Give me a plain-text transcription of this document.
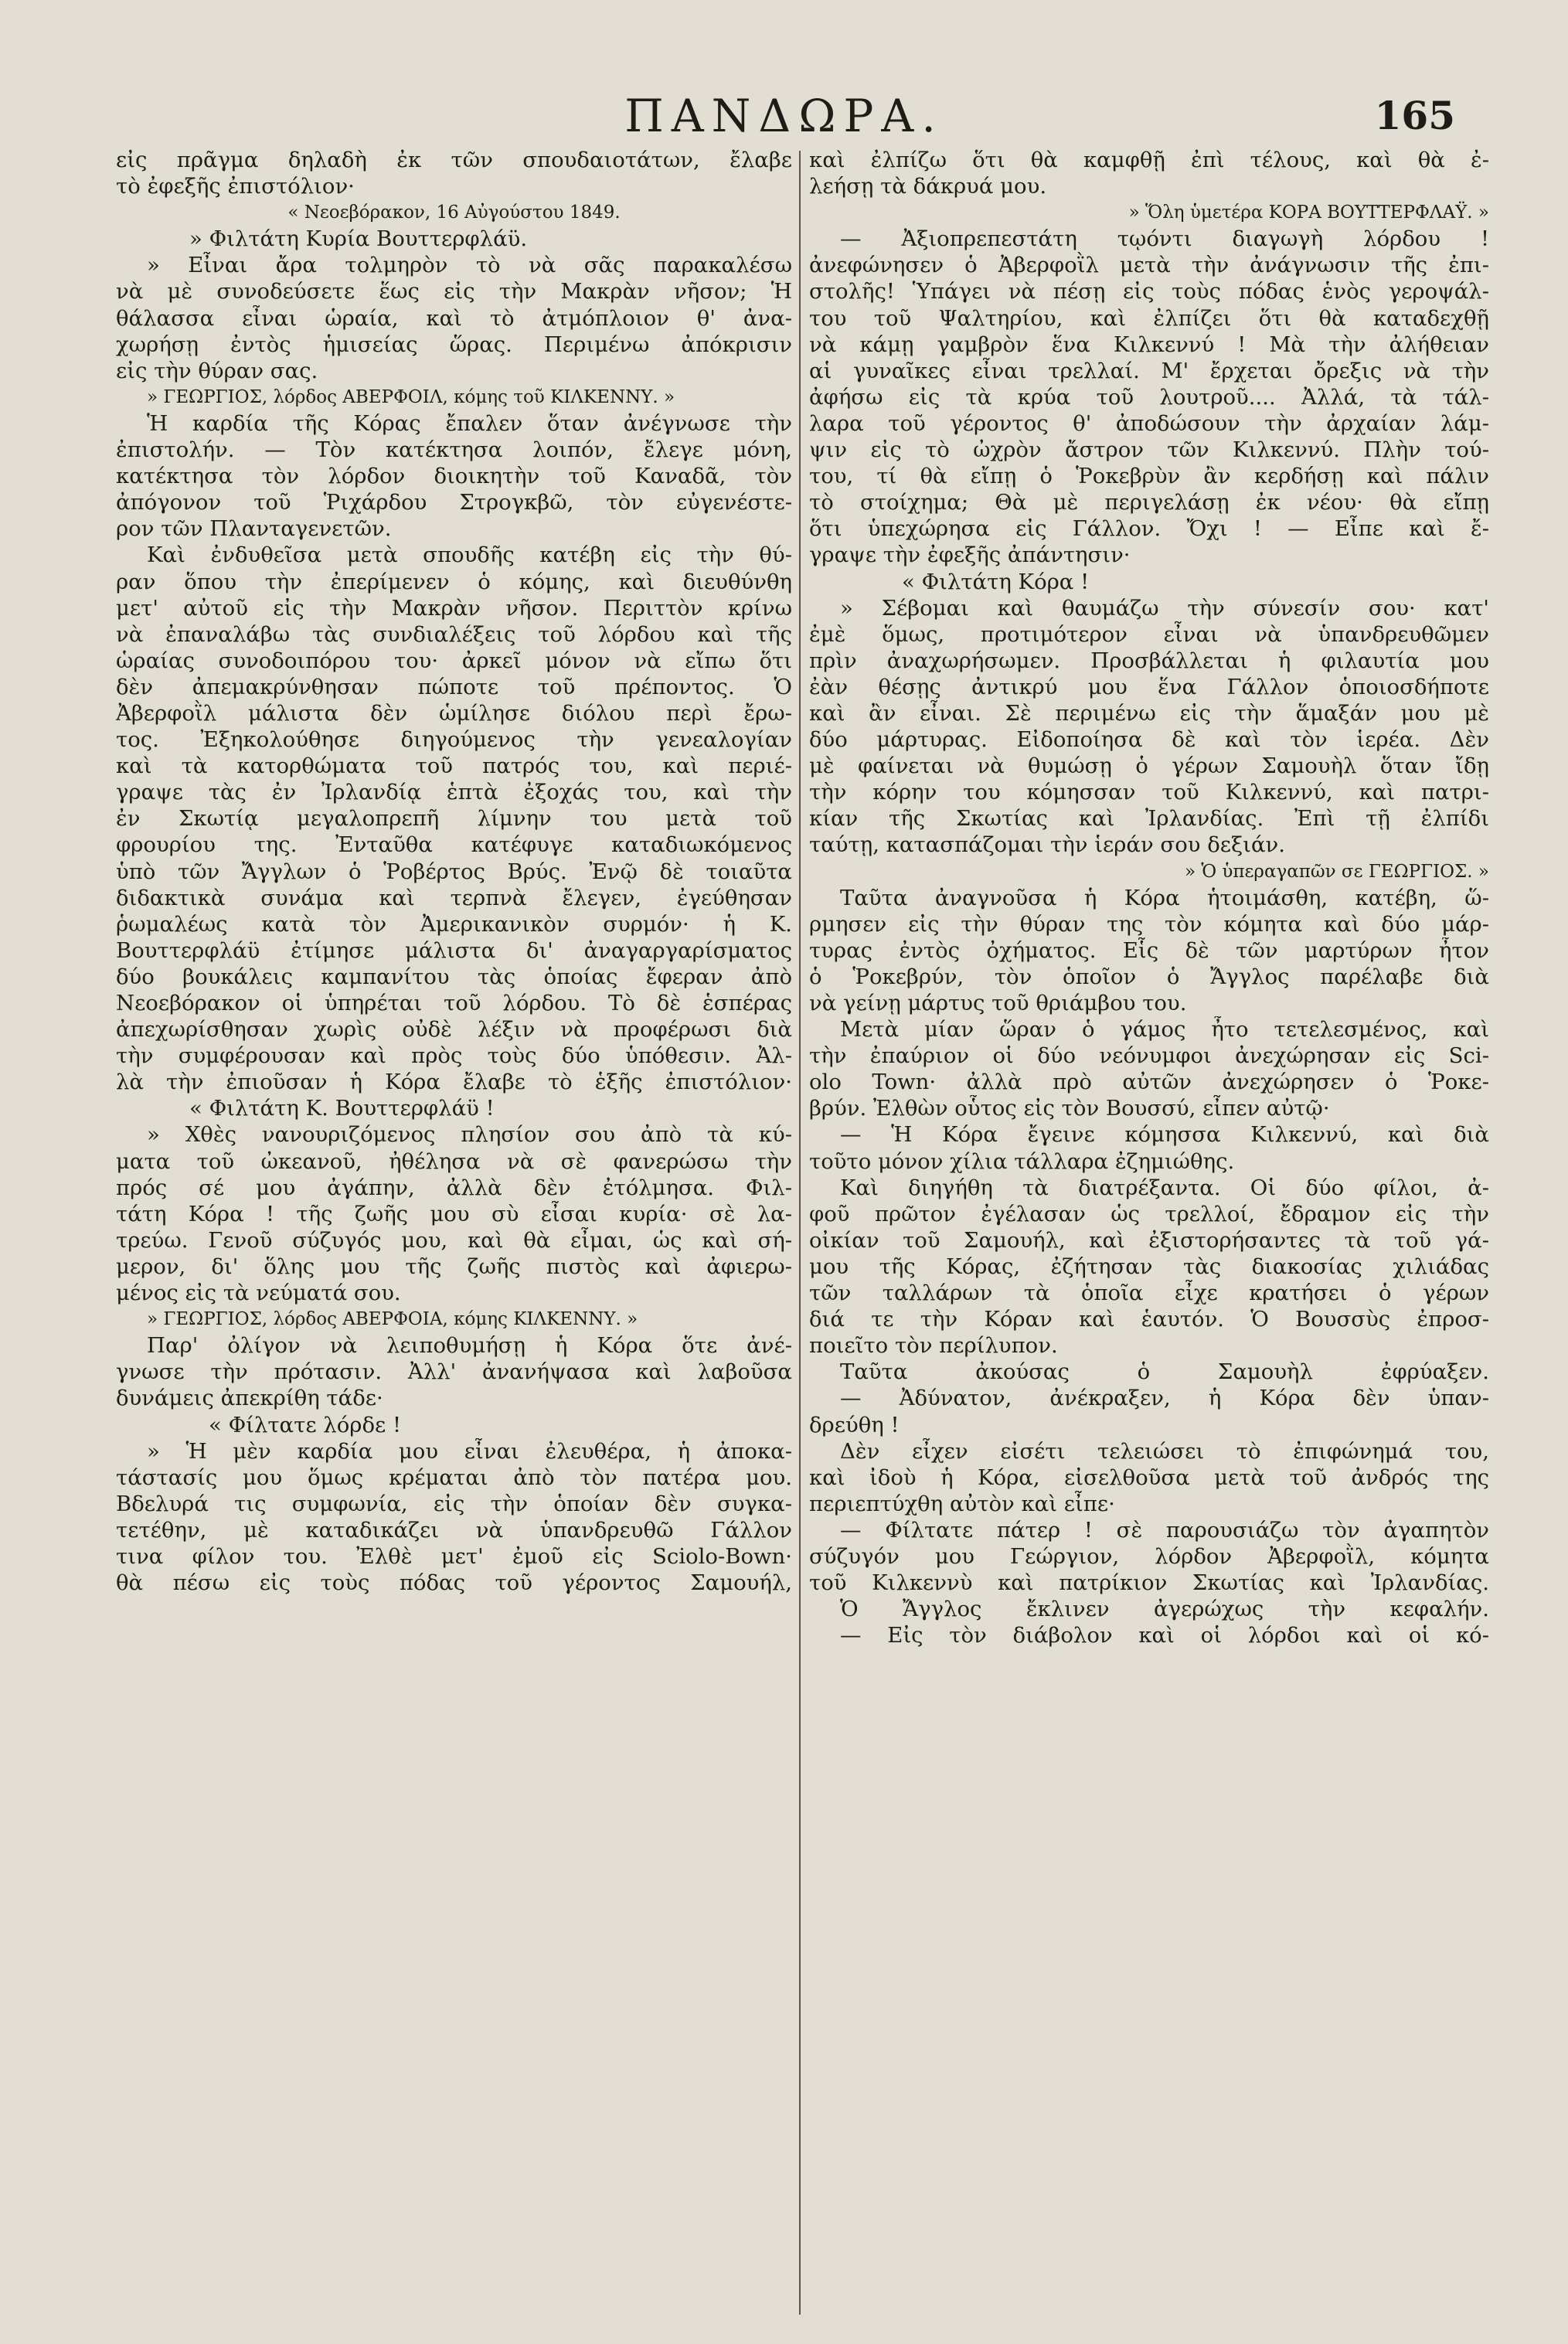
ΠΑΝΔΩΡΑ.	165
εἰς πρᾶγμα δηλαδὴ ἐκ τῶν σπουδαιοτάτων, ἔλαβε
τὸ ἐφεξῆς ἐπιστόλιον·
« Νεοεβόρακον, 16 Αὐγούστου 1849.
» Φιλτάτη Κυρία Βουττερφλάϋ.
» Εἶναι ἄρα τολμηρὸν τὸ νὰ σᾶς παρακαλέσω
νὰ μὲ συνοδεύσετε ἕως εἰς τὴν Μακρὰν νῆσον; Ἡ
θάλασσα εἶναι ὡραία, καὶ τὸ ἀτμόπλοιον θ' ἀνα-
χωρήσῃ ἐντὸς ἡμισείας ὥρας. Περιμένω ἀπόκρισιν
εἰς τὴν θύραν σας.
» ΓΕΩΡΓΙΟΣ, λόρδος ΑΒΕΡΦΟΙΛ, κόμης τοῦ ΚΙΛΚΕΝΝΥ. »
Ἡ καρδία τῆς Κόρας ἔπαλεν ὅταν ἀνέγνωσε τὴν
ἐπιστολήν. — Τὸν κατέκτησα λοιπόν, ἔλεγε μόνη,
κατέκτησα τὸν λόρδον διοικητὴν τοῦ Καναδᾶ, τὸν
ἀπόγονον τοῦ Ῥιχάρδου Στρογκβῶ, τὸν εὐγενέστε-
ρον τῶν Πλανταγενετῶν.
Καὶ ἐνδυθεῖσα μετὰ σπουδῆς κατέβη εἰς τὴν θύ-
ραν ὅπου τὴν ἐπερίμενεν ὁ κόμης, καὶ διευθύνθη
μετ' αὐτοῦ εἰς τὴν Μακρὰν νῆσον. Περιττὸν κρίνω
νὰ ἐπαναλάβω τὰς συνδιαλέξεις τοῦ λόρδου καὶ τῆς
ὡραίας συνοδοιπόρου του· ἀρκεῖ μόνον νὰ εἴπω ὅτι
δὲν ἀπεμακρύνθησαν πώποτε τοῦ πρέποντος. Ὁ
Ἀβερφοῒλ μάλιστα δὲν ὡμίλησε διόλου περὶ ἔρω-
τος. Ἐξηκολούθησε διηγούμενος τὴν γενεαλογίαν
καὶ τὰ κατορθώματα τοῦ πατρός του, καὶ περιέ-
γραψε τὰς ἐν Ἰρλανδίᾳ ἑπτὰ ἐξοχάς του, καὶ τὴν
ἐν Σκωτίᾳ μεγαλοπρεπῆ λίμνην του μετὰ τοῦ
φρουρίου της. Ἐνταῦθα κατέφυγε καταδιωκόμενος
ὑπὸ τῶν Ἄγγλων ὁ Ῥοβέρτος Βρύς. Ἐνῷ δὲ τοιαῦτα
διδακτικὰ συνάμα καὶ τερπνὰ ἔλεγεν, ἐγεύθησαν
ῥωμαλέως κατὰ τὸν Ἀμερικανικὸν συρμόν· ἡ Κ.
Βουττερφλάϋ ἐτίμησε μάλιστα δι' ἀναγαργαρίσματος
δύο βουκάλεις καμπανίτου τὰς ὁποίας ἔφεραν ἀπὸ
Νεοεβόρακον οἱ ὑπηρέται τοῦ λόρδου. Τὸ δὲ ἑσπέρας
ἀπεχωρίσθησαν χωρὶς οὐδὲ λέξιν νὰ προφέρωσι διὰ
τὴν συμφέρουσαν καὶ πρὸς τοὺς δύο ὑπόθεσιν. Ἀλ-
λὰ τὴν ἐπιοῦσαν ἡ Κόρα ἔλαβε τὸ ἑξῆς ἐπιστόλιον·
« Φιλτάτη Κ. Βουττερφλάϋ !
» Χθὲς νανουριζόμενος πλησίον σου ἀπὸ τὰ κύ-
ματα τοῦ ὠκεανοῦ, ἠθέλησα νὰ σὲ φανερώσω τὴν
πρός σέ μου ἀγάπην, ἀλλὰ δὲν ἐτόλμησα. Φιλ-
τάτη Κόρα ! τῆς ζωῆς μου σὺ εἶσαι κυρία· σὲ λα-
τρεύω. Γενοῦ σύζυγός μου, καὶ θὰ εἶμαι, ὡς καὶ σή-
μερον, δι' ὅλης μου τῆς ζωῆς πιστὸς καὶ ἀφιερω-
μένος εἰς τὰ νεύματά σου.
» ΓΕΩΡΓΙΟΣ, λόρδος ΑΒΕΡΦΟΙΑ, κόμης ΚΙΛΚΕΝΝΥ. »
Παρ' ὀλίγον νὰ λειποθυμήσῃ ἡ Κόρα ὅτε ἀνέ-
γνωσε τὴν πρότασιν. Ἀλλ' ἀνανήψασα καὶ λαβοῦσα
δυνάμεις ἀπεκρίθη τάδε·
« Φίλτατε λόρδε !
» Ἡ μὲν καρδία μου εἶναι ἐλευθέρα, ἡ ἀποκα-
τάστασίς μου ὅμως κρέμαται ἀπὸ τὸν πατέρα μου.
Βδελυρά τις συμφωνία, εἰς τὴν ὁποίαν δὲν συγκα-
τετέθην, μὲ καταδικάζει νὰ ὑπανδρευθῶ Γάλλον
τινα φίλον του. Ἐλθὲ μετ' ἐμοῦ εἰς Sciolo-Bown·
θὰ πέσω εἰς τοὺς πόδας τοῦ γέροντος Σαμουήλ,
καὶ ἐλπίζω ὅτι θὰ καμφθῇ ἐπὶ τέλους, καὶ θὰ ἐ-
λεήσῃ τὰ δάκρυά μου.
» Ὅλη ὑμετέρα ΚΟΡΑ ΒΟΥΤΤΕΡΦΛΑΫ. »
— Ἀξιοπρεπεστάτη τῳόντι διαγωγὴ λόρδου !
ἀνεφώνησεν ὁ Ἀβερφοῒλ μετὰ τὴν ἀνάγνωσιν τῆς ἐπι-
στολῆς! Ὑπάγει νὰ πέσῃ εἰς τοὺς πόδας ἑνὸς γεροψάλ-
του τοῦ Ψαλτηρίου, καὶ ἐλπίζει ὅτι θὰ καταδεχθῇ
νὰ κάμῃ γαμβρὸν ἕνα Κιλκεννύ ! Μὰ τὴν ἀλήθειαν
αἱ γυναῖκες εἶναι τρελλαί. Μ' ἔρχεται ὄρεξις νὰ τὴν
ἀφήσω εἰς τὰ κρύα τοῦ λουτροῦ.... Ἀλλά, τὰ τάλ-
λαρα τοῦ γέροντος θ' ἀποδώσουν τὴν ἀρχαίαν λάμ-
ψιν εἰς τὸ ὠχρὸν ἄστρον τῶν Κιλκεννύ. Πλὴν τού-
του, τί θὰ εἴπῃ ὁ Ῥοκεβρὺν ἂν κερδήσῃ καὶ πάλιν
τὸ στοίχημα; Θὰ μὲ περιγελάσῃ ἐκ νέου· θὰ εἴπῃ
ὅτι ὑπεχώρησα εἰς Γάλλον. Ὄχι ! — Εἶπε καὶ ἔ-
γραψε τὴν ἐφεξῆς ἀπάντησιν·
« Φιλτάτη Κόρα !
» Σέβομαι καὶ θαυμάζω τὴν σύνεσίν σου· κατ'
ἐμὲ ὅμως, προτιμότερον εἶναι νὰ ὑπανδρευθῶμεν
πρὶν ἀναχωρήσωμεν. Προσβάλλεται ἡ φιλαυτία μου
ἐὰν θέσῃς ἀντικρύ μου ἕνα Γάλλον ὁποιοσδήποτε
καὶ ἂν εἶναι. Σὲ περιμένω εἰς τὴν ἅμαξάν μου μὲ
δύο μάρτυρας. Εἰδοποίησα δὲ καὶ τὸν ἱερέα. Δὲν
μὲ φαίνεται νὰ θυμώσῃ ὁ γέρων Σαμουὴλ ὅταν ἴδῃ
τὴν κόρην του κόμησσαν τοῦ Κιλκεννύ, καὶ πατρι-
κίαν τῆς Σκωτίας καὶ Ἰρλανδίας. Ἐπὶ τῇ ἐλπίδι
ταύτῃ, κατασπάζομαι τὴν ἱεράν σου δεξιάν.
» Ὁ ὑπεραγαπῶν σε ΓΕΩΡΓΙΟΣ. »
Ταῦτα ἀναγνοῦσα ἡ Κόρα ἡτοιμάσθη, κατέβη, ὥ-
ρμησεν εἰς τὴν θύραν της τὸν κόμητα καὶ δύο μάρ-
τυρας ἐντὸς ὀχήματος. Εἷς δὲ τῶν μαρτύρων ἦτον
ὁ Ῥοκεβρύν, τὸν ὁποῖον ὁ Ἄγγλος παρέλαβε διὰ
νὰ γείνῃ μάρτυς τοῦ θριάμβου του.
Μετὰ μίαν ὥραν ὁ γάμος ἦτο τετελεσμένος, καὶ
τὴν ἐπαύριον οἱ δύο νεόνυμφοι ἀνεχώρησαν εἰς Sci-
olo Town· ἀλλὰ πρὸ αὐτῶν ἀνεχώρησεν ὁ Ῥοκε-
βρύν. Ἐλθὼν οὗτος εἰς τὸν Βουσσύ, εἶπεν αὐτῷ·
— Ἡ Κόρα ἔγεινε κόμησσα Κιλκεννύ, καὶ διὰ
τοῦτο μόνον χίλια τάλλαρα ἐζημιώθης.
Καὶ διηγήθη τὰ διατρέξαντα. Οἱ δύο φίλοι, ἀ-
φοῦ πρῶτον ἐγέλασαν ὡς τρελλοί, ἔδραμον εἰς τὴν
οἰκίαν τοῦ Σαμουήλ, καὶ ἐξιστορήσαντες τὰ τοῦ γά-
μου τῆς Κόρας, ἐζήτησαν τὰς διακοσίας χιλιάδας
τῶν ταλλάρων τὰ ὁποῖα εἶχε κρατήσει ὁ γέρων
διά τε τὴν Κόραν καὶ ἑαυτόν. Ὁ Βουσσὺς ἐπροσ-
ποιεῖτο τὸν περίλυπον.
Ταῦτα ἀκούσας ὁ Σαμουὴλ ἐφρύαξεν.
— Ἀδύνατον, ἀνέκραξεν, ἡ Κόρα δὲν ὑπαν-
δρεύθη !
Δὲν εἶχεν εἰσέτι τελειώσει τὸ ἐπιφώνημά του,
καὶ ἰδοὺ ἡ Κόρα, εἰσελθοῦσα μετὰ τοῦ ἀνδρός της
περιεπτύχθη αὐτὸν καὶ εἶπε·
— Φίλτατε πάτερ ! σὲ παρουσιάζω τὸν ἀγαπητὸν
σύζυγόν μου Γεώργιον, λόρδον Ἀβερφοῒλ, κόμητα
τοῦ Κιλκεννὺ καὶ πατρίκιον Σκωτίας καὶ Ἰρλανδίας.
Ὁ Ἄγγλος ἔκλινεν ἀγερώχως τὴν κεφαλήν.
— Εἰς τὸν διάβολον καὶ οἱ λόρδοι καὶ οἱ κό-
